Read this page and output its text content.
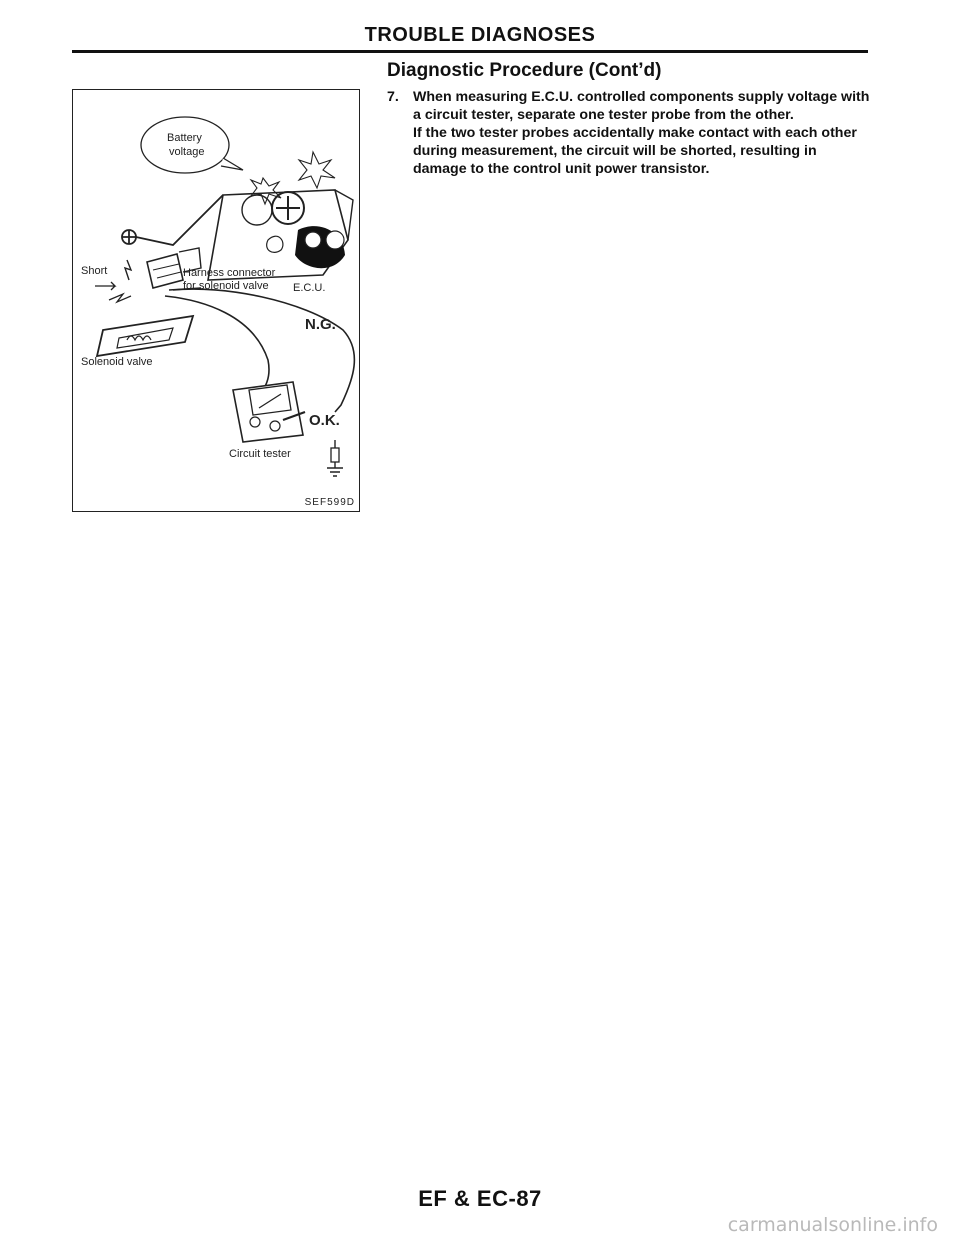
TROUBLE DIAGNOSES
Battery
voltage
Short	Harness connector
for solenoid valve E.C.U.
N.G.
Solenoid valve
O.K.
Circuit tester
SEF599D
Diagnostic Procedure (Cont’d)
7. When measuring E.C.U. controlled components supply voltage with a circuit tester, separate one tester probe from the other.

If the two tester probes accidentally make contact with each other during measurement, the circuit will be shorted, resulting in damage to the control unit power transistor.

EF & EC-87
carmanualsonline.info
